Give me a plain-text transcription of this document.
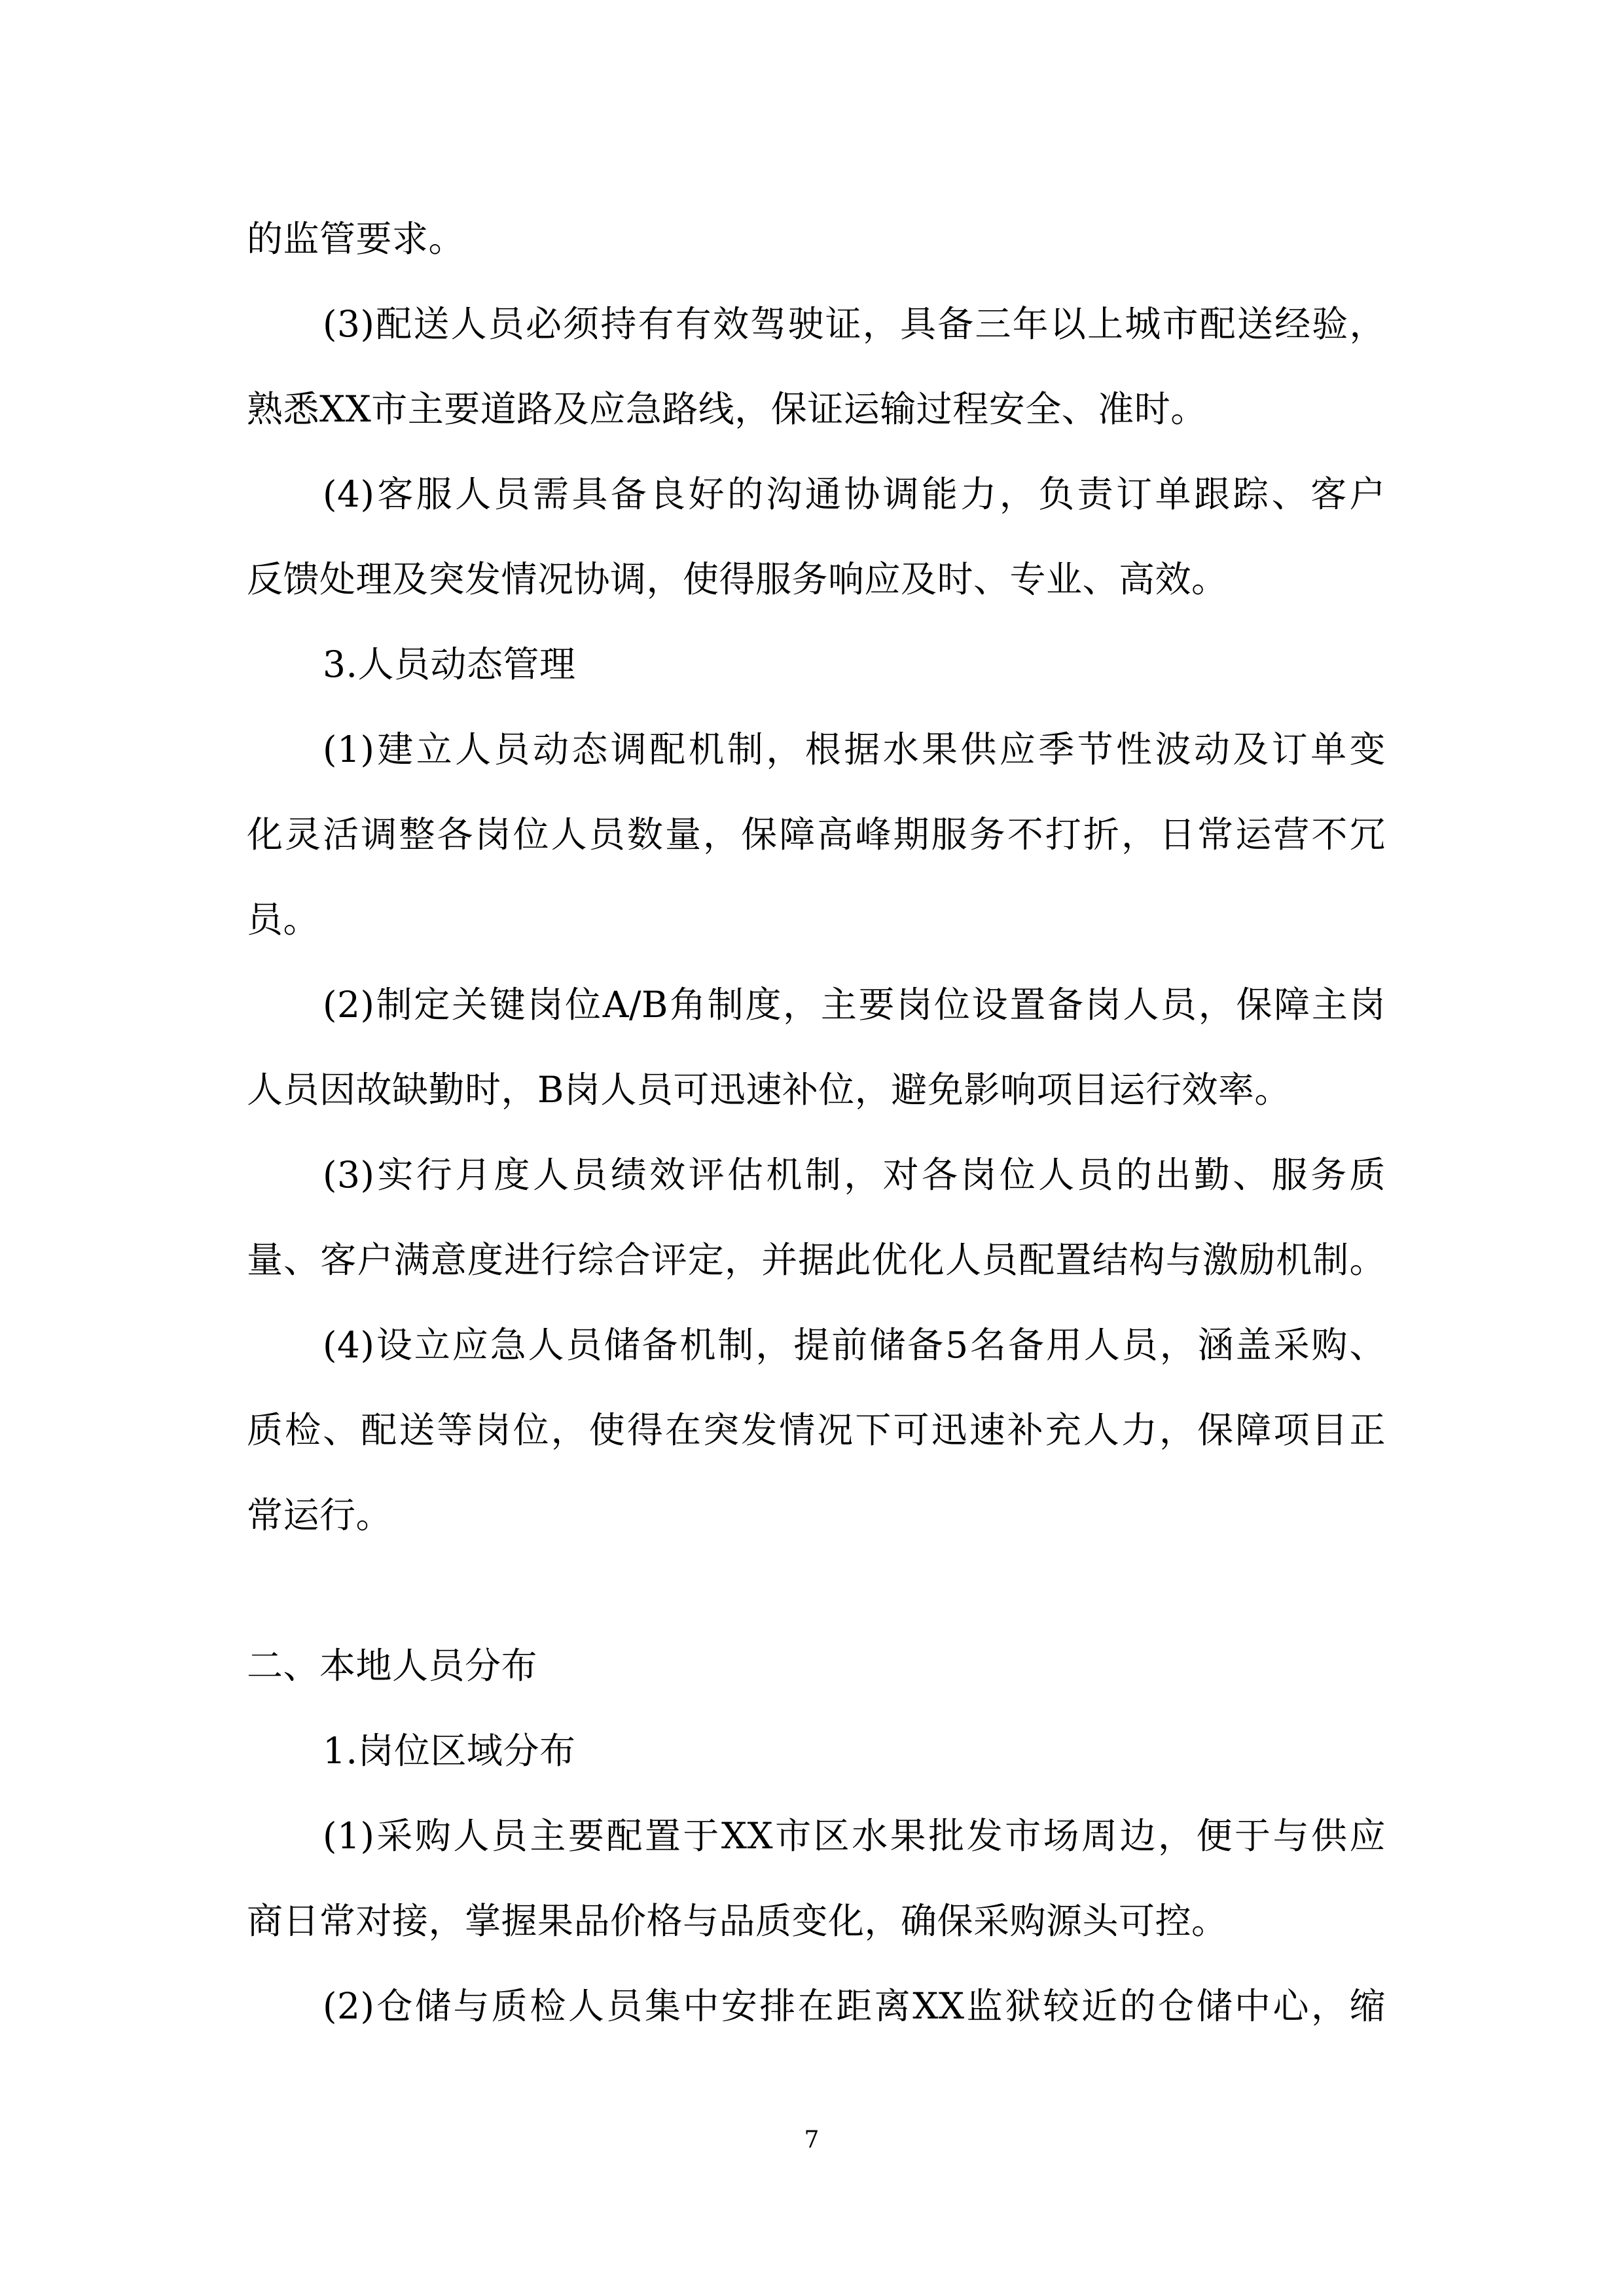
的监管要求。
(3)配送人员必须持有有效驾驶证，具备三年以上城市配送经验，
熟悉XX市主要道路及应急路线，保证运输过程安全、准时。
(4)客服人员需具备良好的沟通协调能力，负责订单跟踪、客户
反馈处理及突发情况协调，使得服务响应及时、专业、高效。
3.人员动态管理
(1)建立人员动态调配机制，根据水果供应季节性波动及订单变
化灵活调整各岗位人员数量，保障高峰期服务不打折，日常运营不冗
员。
(2)制定关键岗位A/B角制度，主要岗位设置备岗人员，保障主岗
人员因故缺勤时，B岗人员可迅速补位，避免影响项目运行效率。
(3)实行月度人员绩效评估机制，对各岗位人员的出勤、服务质
量、客户满意度进行综合评定，并据此优化人员配置结构与激励机制。
(4)设立应急人员储备机制，提前储备5名备用人员，涵盖采购、
质检、配送等岗位，使得在突发情况下可迅速补充人力，保障项目正
常运行。
二、本地人员分布
1.岗位区域分布
(1)采购人员主要配置于XX市区水果批发市场周边，便于与供应
商日常对接，掌握果品价格与品质变化，确保采购源头可控。
(2)仓储与质检人员集中安排在距离XX监狱较近的仓储中心，缩
7
